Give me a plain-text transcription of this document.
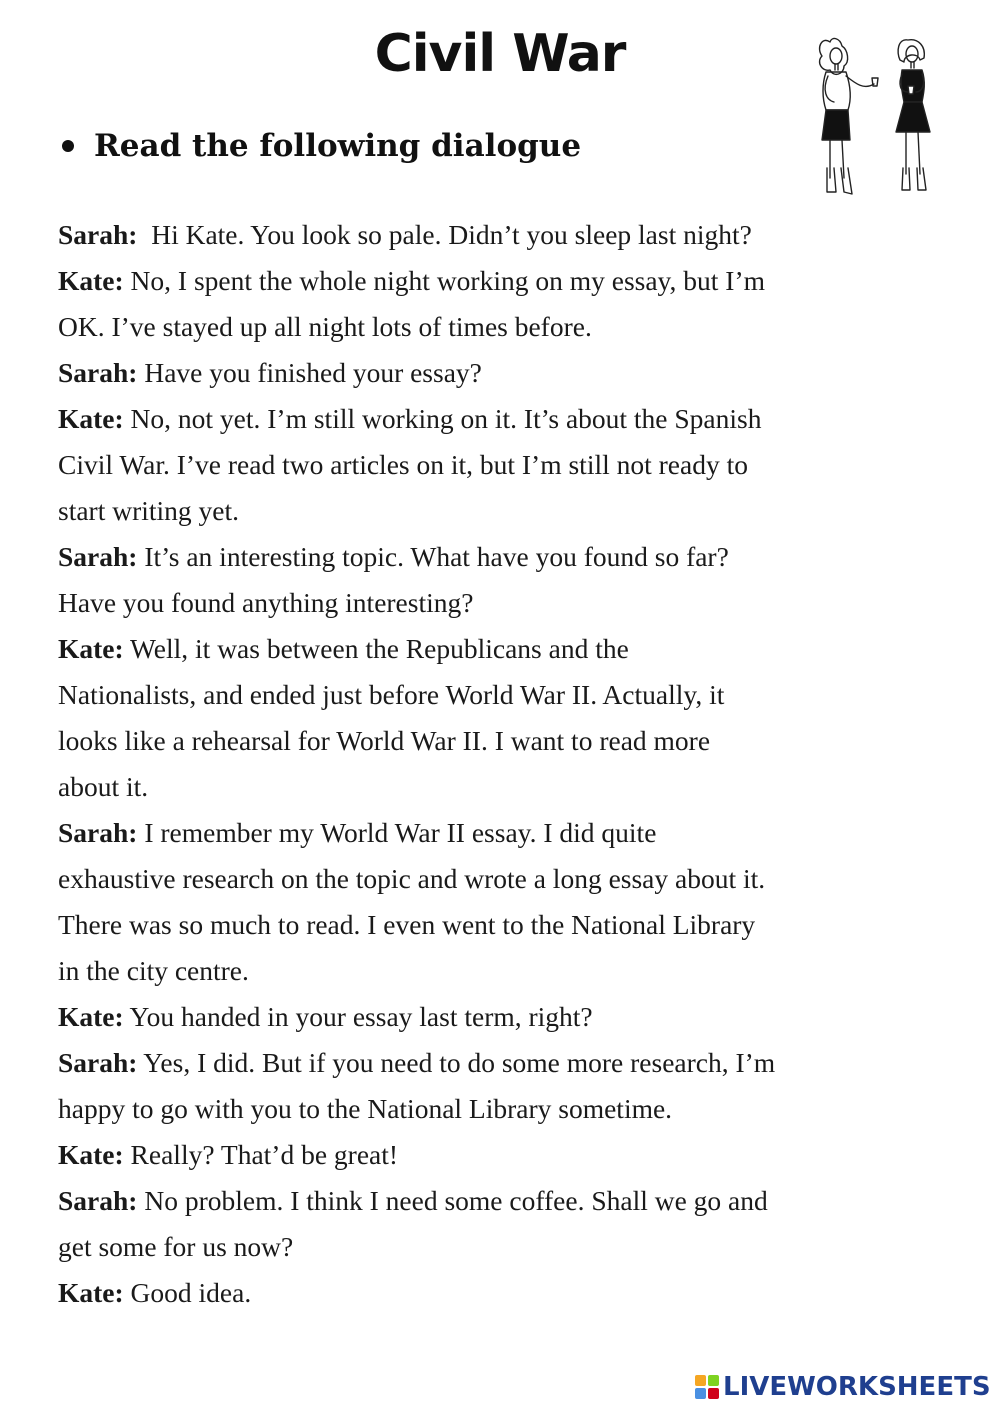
Civil War
Read the following dialogue

Sarah:  Hi Kate. You look so pale. Didn’t you sleep last night?

Kate: No, I spent the whole night working on my essay, but I’m

OK. I’ve stayed up all night lots of times before.

Sarah: Have you finished your essay?

Kate: No, not yet. I’m still working on it. It’s about the Spanish

Civil War. I’ve read two articles on it, but I’m still not ready to

start writing yet.

Sarah: It’s an interesting topic. What have you found so far?

Have you found anything interesting?

Kate: Well, it was between the Republicans and the

Nationalists, and ended just before World War II. Actually, it

looks like a rehearsal for World War II. I want to read more

about it.

Sarah: I remember my World War II essay. I did quite

exhaustive research on the topic and wrote a long essay about it.

There was so much to read. I even went to the National Library

in the city centre.

Kate: You handed in your essay last term, right?

Sarah: Yes, I did. But if you need to do some more research, I’m

happy to go with you to the National Library sometime.

Kate: Really? That’d be great!

Sarah: No problem. I think I need some coffee. Shall we go and

get some for us now?

Kate: Good idea.

LIVEWORKSHEETS
